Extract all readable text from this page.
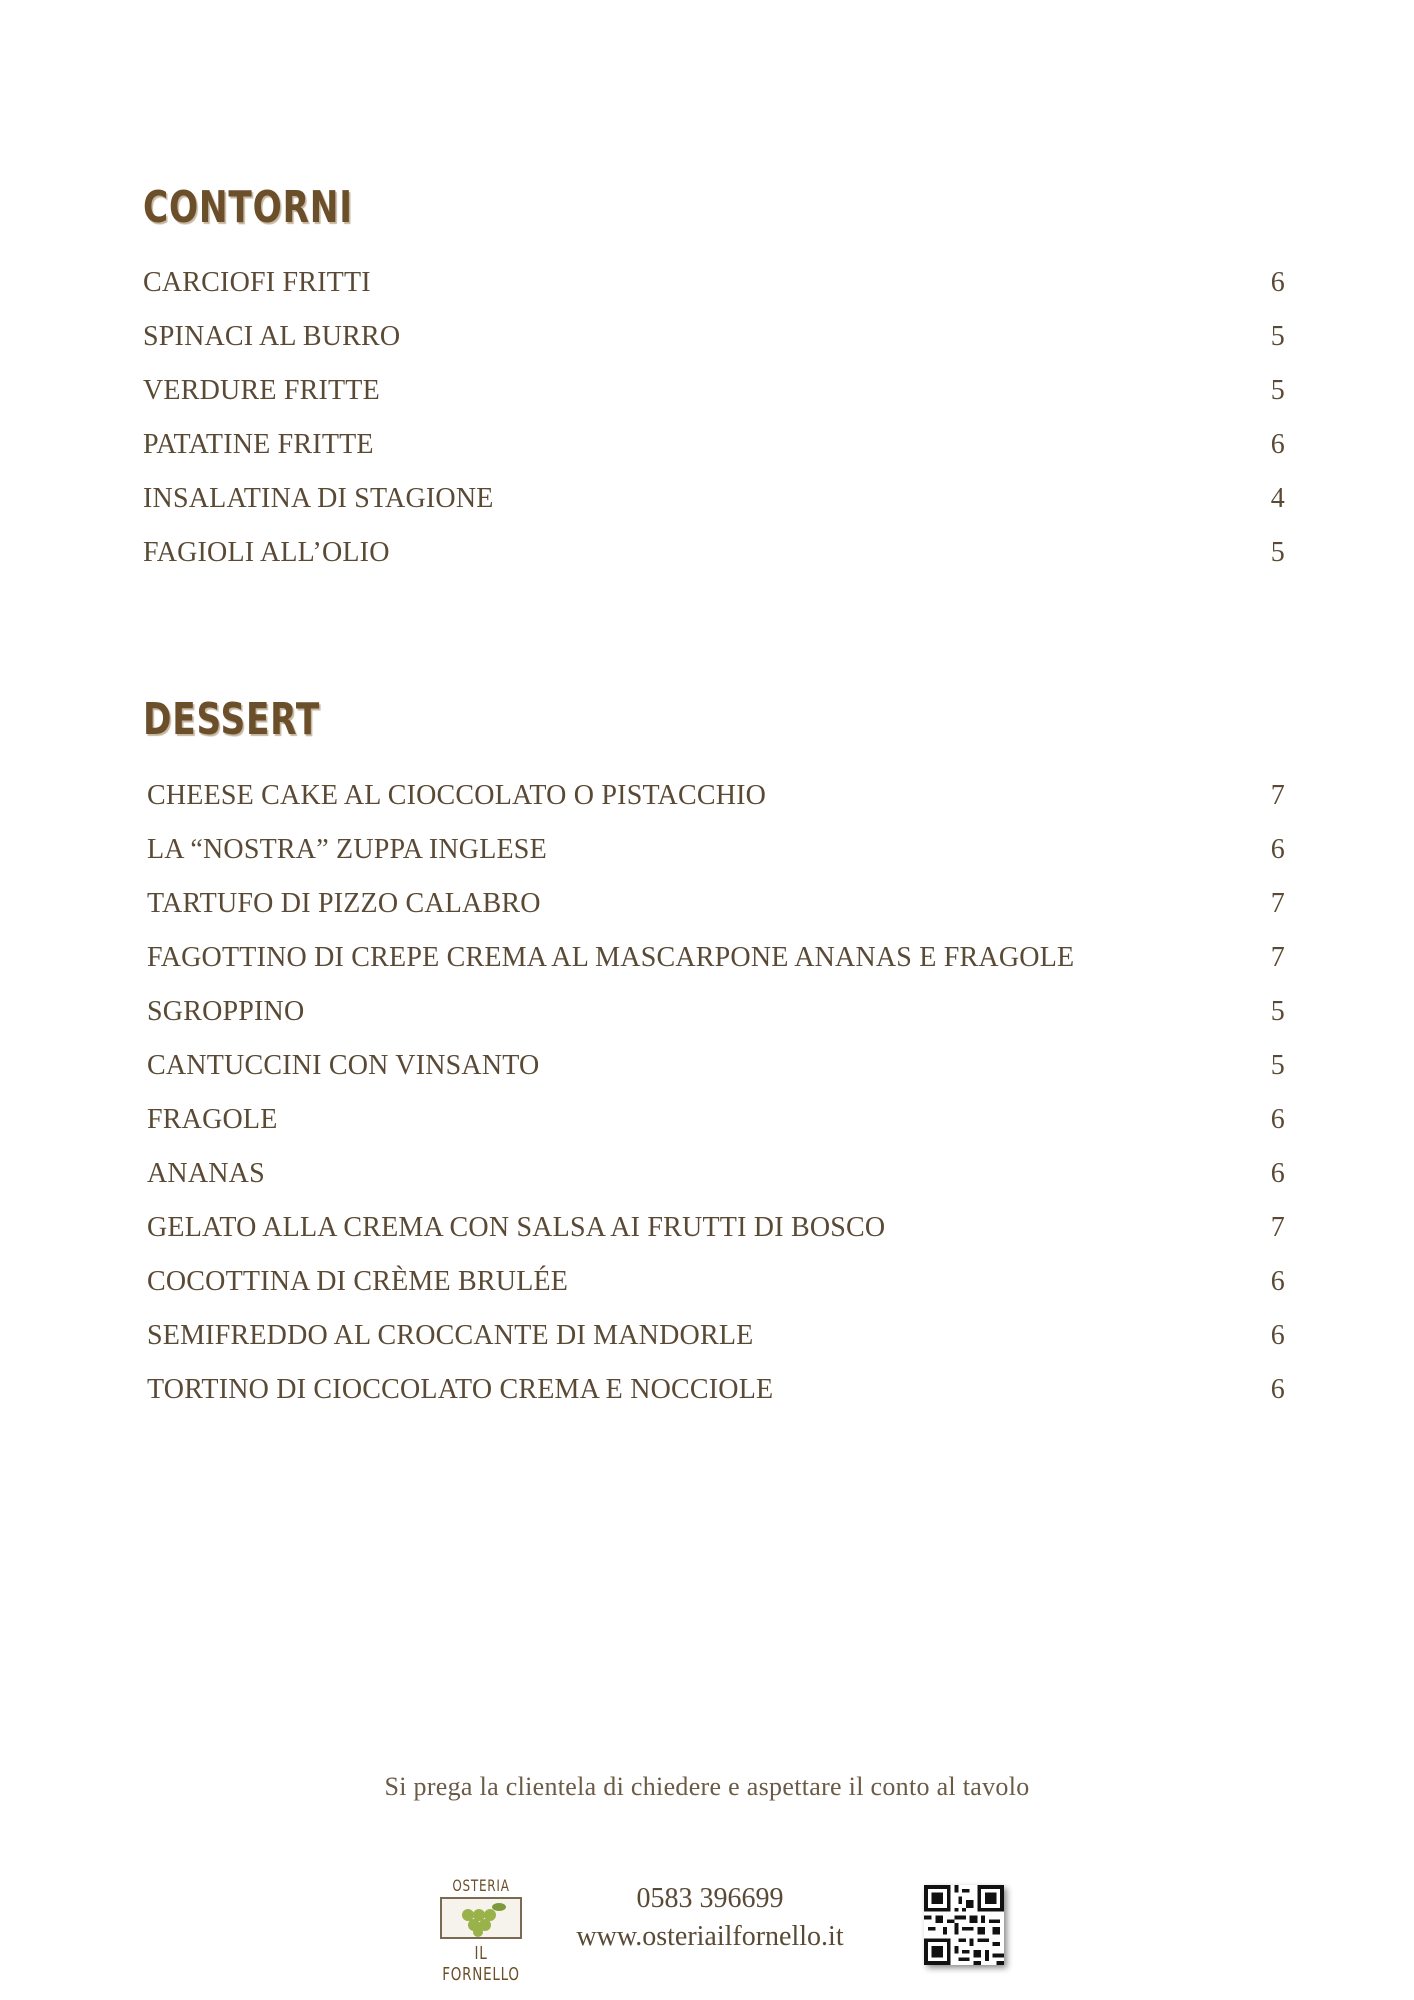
CONTORNI
CARCIOFI FRITTI	6
SPINACI AL BURRO	5
VERDURE FRITTE	5
PATATINE FRITTE	6
INSALATINA DI STAGIONE	4
FAGIOLI ALL’OLIO	5
DESSERT
CHEESE CAKE AL CIOCCOLATO O PISTACCHIO	7
LA “NOSTRA” ZUPPA INGLESE	6
TARTUFO DI PIZZO CALABRO	7
FAGOTTINO DI CREPE CREMA AL MASCARPONE ANANAS E FRAGOLE	7
SGROPPINO	5
CANTUCCINI CON VINSANTO	5
FRAGOLE	6
ANANAS	6
GELATO ALLA CREMA CON SALSA AI FRUTTI DI BOSCO	7
COCOTTINA DI CRÈME BRULÉE	6
SEMIFREDDO AL CROCCANTE DI MANDORLE	6
TORTINO DI CIOCCOLATO CREMA E NOCCIOLE	6
Si prega la clientela di chiedere e aspettare il conto al tavolo
OSTERIA
IL FORNELLO
0583 396699
www.osteriailfornello.it
